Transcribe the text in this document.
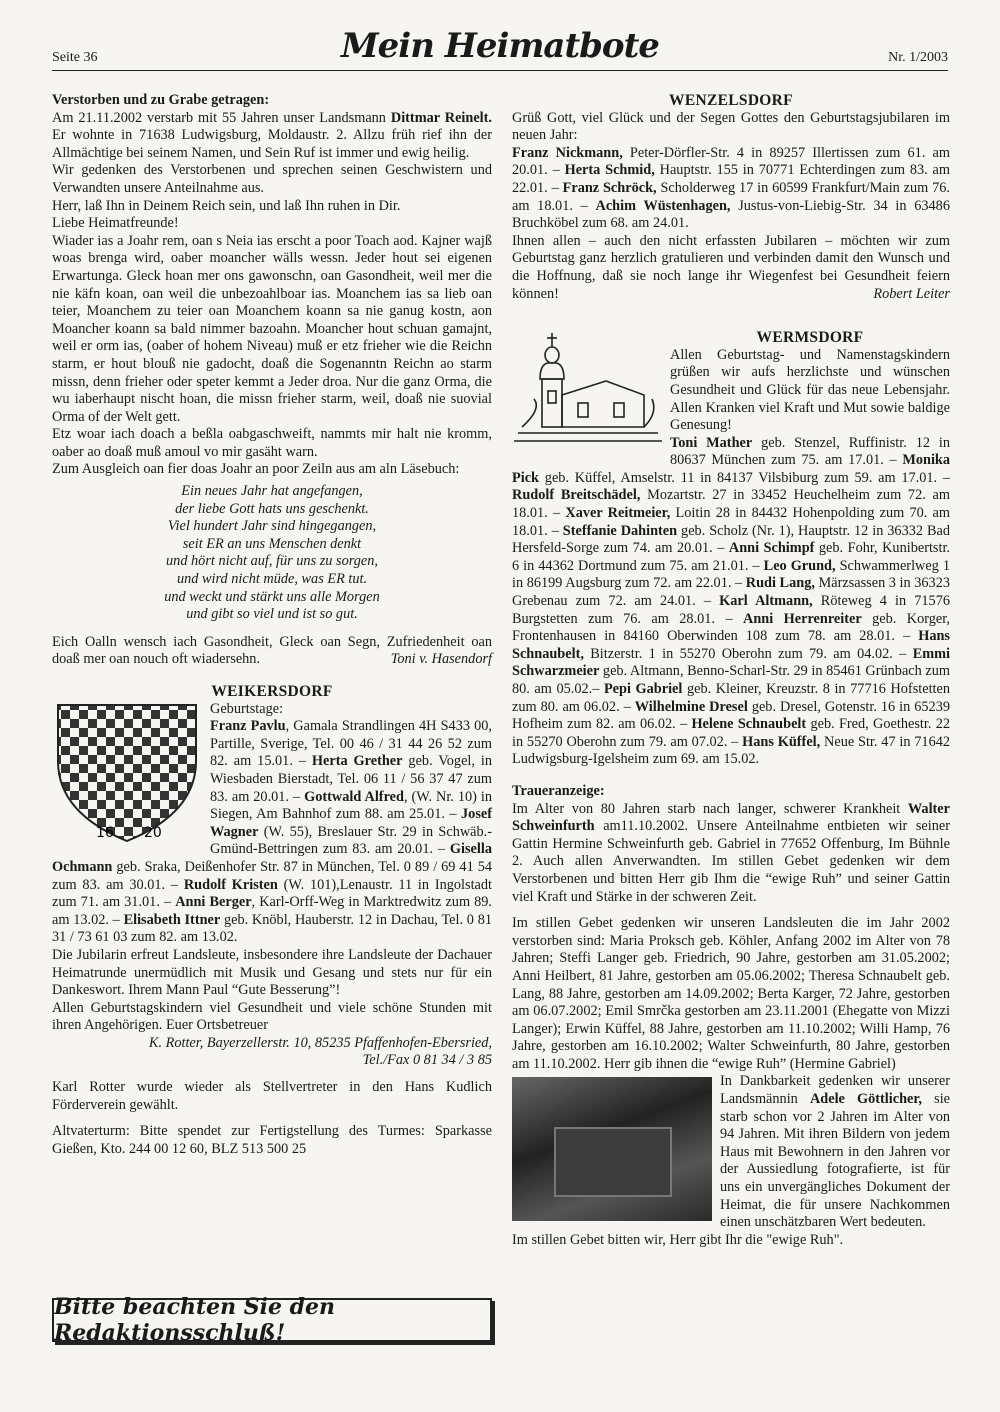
Seite 36	Mein Heimatbote	Nr. 1/2003

Verstorben und zu Grabe getragen:

Am 21.11.2002 verstarb mit 55 Jahren unser Landsmann Dittmar Reinelt. Er wohnte in 71638 Ludwigsburg, Moldaustr. 2. Allzu früh rief ihn der Allmächtige bei seinem Namen, und Sein Ruf ist immer und ewig heilig.

Wir gedenken des Verstorbenen und sprechen seinen Geschwistern und Verwandten unsere Anteilnahme aus.

Herr, laß Ihn in Deinem Reich sein, und laß Ihn ruhen in Dir.

Liebe Heimatfreunde!

Wiader ias a Joahr rem, oan s Neia ias erscht a poor Toach aod. Kajner wajß woas brenga wird, oaber moancher wälls wessn. Jeder hout sei eigenen Erwartunga. Gleck hoan mer ons gawonschn, oan Gasondheit, weil mer die nie käfn koan, oan weil die unbezoahlboar ias. Moanchem ias sa lieb oan teier, Moanchem zu teier oan Moanchem koann sa nie ganug kostn, aon Moancher koann sa bald nimmer bazoahn. Moancher hout schuan gamajnt, weil er orm ias, (oaber of hohem Niveau) muß er etz frieher wie die Reichn starm, er hout blouß nie gadocht, doaß die Sogenanntn Reichn ao starm missn, denn frieher oder speter kemmt a Jeder droa. Nur die ganz Orma, die wu iaberhaupt nischt hoan, die missn frieher starm, weil, doaß nie suovial Orma of der Welt gett.

Etz woar iach doach a beßla oabgaschweift, nammts mir halt nie kromm, oaber ao doaß muß amoul vo mir gasäht warn.

Zum Ausgleich oan fier doas Joahr an poor Zeiln aus am aln Läsebuch:

Ein neues Jahr hat angefangen,
der liebe Gott hats uns geschenkt.
Viel hundert Jahr sind hingegangen,
seit ER an uns Menschen denkt
und hört nicht auf, für uns zu sorgen,
und wird nicht müde, was ER tut.
und weckt und stärkt uns alle Morgen
und gibt so viel und ist so gut.

Eich Oalln wensch iach Gasondheit, Gleck oan Segn, Zufriedenheit oan doaß mer oan nouch oft wiadersehn.	Toni v. Hasendorf

WEIKERSDORF

16 20

Geburtstage:

Franz Pavlu, Gamala Strandlingen 4H S433 00, Partille, Sverige, Tel. 00 46 / 31 44 26 52 zum 82. am 15.01. – Herta Grether geb. Vogel, in Wiesbaden Bierstadt, Tel. 06 11 / 56 37 47 zum 83. am 20.01. – Gottwald Alfred, (W. Nr. 10) in Siegen, Am Bahnhof zum 88. am 25.01. – Josef Wagner (W. 55), Breslauer Str. 29 in Schwäb.-Gmünd-Bettringen zum 83. am 20.01. – Gisella Ochmann geb. Sraka, Deißenhofer Str. 87 in München, Tel. 0 89 / 69 41 54 zum 83. am 30.01. – Rudolf Kristen (W. 101),Lenaustr. 11 in Ingolstadt zum 71. am 31.01. – Anni Berger, Karl-Orff-Weg in Marktredwitz zum 89. am 13.02. – Elisabeth Ittner geb. Knöbl, Hauberstr. 12 in Dachau, Tel. 0 81 31 / 73 61 03 zum 82. am 13.02.

Die Jubilarin erfreut Landsleute, insbesondere ihre Landsleute der Dachauer Heimatrunde unermüdlich mit Musik und Gesang und stets nur für ein Dankeswort. Ihrem Mann Paul “Gute Besserung”!

Allen Geburtstagskindern viel Gesundheit und viele schöne Stunden mit ihren Angehörigen. Euer Ortsbetreuer

K. Rotter, Bayerzellerstr. 10, 85235 Pfaffenhofen-Ebersried,

Tel./Fax 0 81 34 / 3 85

Karl Rotter wurde wieder als Stellvertreter in den Hans Kudlich Förderverein gewählt.

Altvaterturm: Bitte spendet zur Fertigstellung des Turmes: Sparkasse Gießen, Kto. 244 00 12 60, BLZ 513 500 25

Bitte beachten Sie den Redaktionsschluß!

WENZELSDORF

Grüß Gott, viel Glück und der Segen Gottes den Geburtstagsjubilaren im neuen Jahr:

Franz Nickmann, Peter-Dörfler-Str. 4 in 89257 Illertissen zum 61. am 20.01. – Herta Schmid, Hauptstr. 155 in 70771 Echterdingen zum 83. am 22.01. – Franz Schröck, Scholderweg 17 in 60599 Frankfurt/Main zum 76. am 18.01. – Achim Wüstenhagen, Justus-von-Liebig-Str. 34 in 63486 Bruchköbel zum 68. am 24.01.

Ihnen allen – auch den nicht erfassten Jubilaren – möchten wir zum Geburtstag ganz herzlich gratulieren und verbinden damit den Wunsch und die Hoffnung, daß sie noch lange ihr Wiegenfest bei Gesundheit feiern können!	Robert Leiter

WERMSDORF

Allen Geburtstag- und Namenstagskindern grüßen wir aufs herzlichste und wünschen Gesundheit und Glück für das neue Lebensjahr. Allen Kranken viel Kraft und Mut sowie baldige Genesung!

Toni Mather geb. Stenzel, Ruffinistr. 12 in 80637 München zum 75. am 17.01. – Monika Pick geb. Küffel, Amselstr. 11 in 84137 Vilsbiburg zum 59. am 17.01. – Rudolf Breitschädel, Mozartstr. 27 in 33452 Heuchelheim zum 72. am 18.01. – Xaver Reitmeier, Loitin 28 in 84432 Hohenpolding zum 70. am 18.01. – Steffanie Dahinten geb. Scholz (Nr. 1), Hauptstr. 12 in 36332 Bad Hersfeld-Sorge zum 74. am 20.01. – Anni Schimpf geb. Fohr, Kunibertstr. 6 in 44362 Dortmund zum 75. am 21.01. – Leo Grund, Schwammerlweg 1 in 86199 Augsburg zum 72. am 22.01. – Rudi Lang, Märzsassen 3 in 36323 Grebenau zum 72. am 24.01. – Karl Altmann, Röteweg 4 in 71576 Burgstetten zum 76. am 28.01. – Anni Herrenreiter geb. Korger, Frontenhausen in 84160 Oberwinden 108 zum 78. am 28.01. – Hans Schnaubelt, Bitzerstr. 1 in 55270 Oberohn zum 79. am 04.02. – Emmi Schwarzmeier geb. Altmann, Benno-Scharl-Str. 29 in 85461 Grünbach zum 80. am 05.02.– Pepi Gabriel geb. Kleiner, Kreuzstr. 8 in 77716 Hofstetten zum 80. am 06.02. – Wilhelmine Dresel geb. Dresel, Gotenstr. 16 in 65239 Hofheim zum 82. am 06.02. – Helene Schnaubelt geb. Fred, Goethestr. 22 in 55270 Oberohn zum 79. am 07.02. – Hans Küffel, Neue Str. 47 in 71642 Ludwigsburg-Igelsheim zum 69. am 15.02.

Traueranzeige:

Im Alter von 80 Jahren starb nach langer, schwerer Krankheit Walter Schweinfurth am11.10.2002. Unsere Anteilnahme entbieten wir seiner Gattin Hermine Schweinfurth geb. Gabriel in 77652 Offenburg, Im Bühnle 2. Auch allen Anverwandten. Im stillen Gebet gedenken wir dem Verstorbenen und bitten Herr gib Ihm die “ewige Ruh” und seiner Gattin viel Kraft und Stärke in der schweren Zeit.

Im stillen Gebet gedenken wir unseren Landsleuten die im Jahr 2002 verstorben sind: Maria Proksch geb. Köhler, Anfang 2002 im Alter von 78 Jahren; Steffi Langer geb. Friedrich, 90 Jahre, gestorben am 31.05.2002; Anni Heilbert, 81 Jahre, gestorben am 05.06.2002; Theresa Schnaubelt geb. Lang, 88 Jahre, gestorben am 14.09.2002; Berta Karger, 72 Jahre, gestorben am 06.07.2002; Emil Smrčka gestorben am 23.11.2001 (Ehegatte von Mizzi Langer); Erwin Küffel, 88 Jahre, gestorben am 11.10.2002; Willi Hamp, 76 Jahre, gestorben am 16.10.2002; Walter Schweinfurth, 80 Jahre, gestorben am 11.10.2002. Herr gib ihnen die “ewige Ruh” (Hermine Gabriel)

In Dankbarkeit gedenken wir unserer Landsmännin Adele Göttlicher, sie starb schon vor 2 Jahren im Alter von 94 Jahren. Mit ihren Bildern von jedem Haus mit Bewohnern in den Jahren vor der Aussiedlung fotografierte, ist für uns ein unvergängliches Dokument der Heimat, die für unsere Nachkommen einen unschätzbaren Wert bedeuten.

Im stillen Gebet bitten wir, Herr gibt Ihr die "ewige Ruh".
